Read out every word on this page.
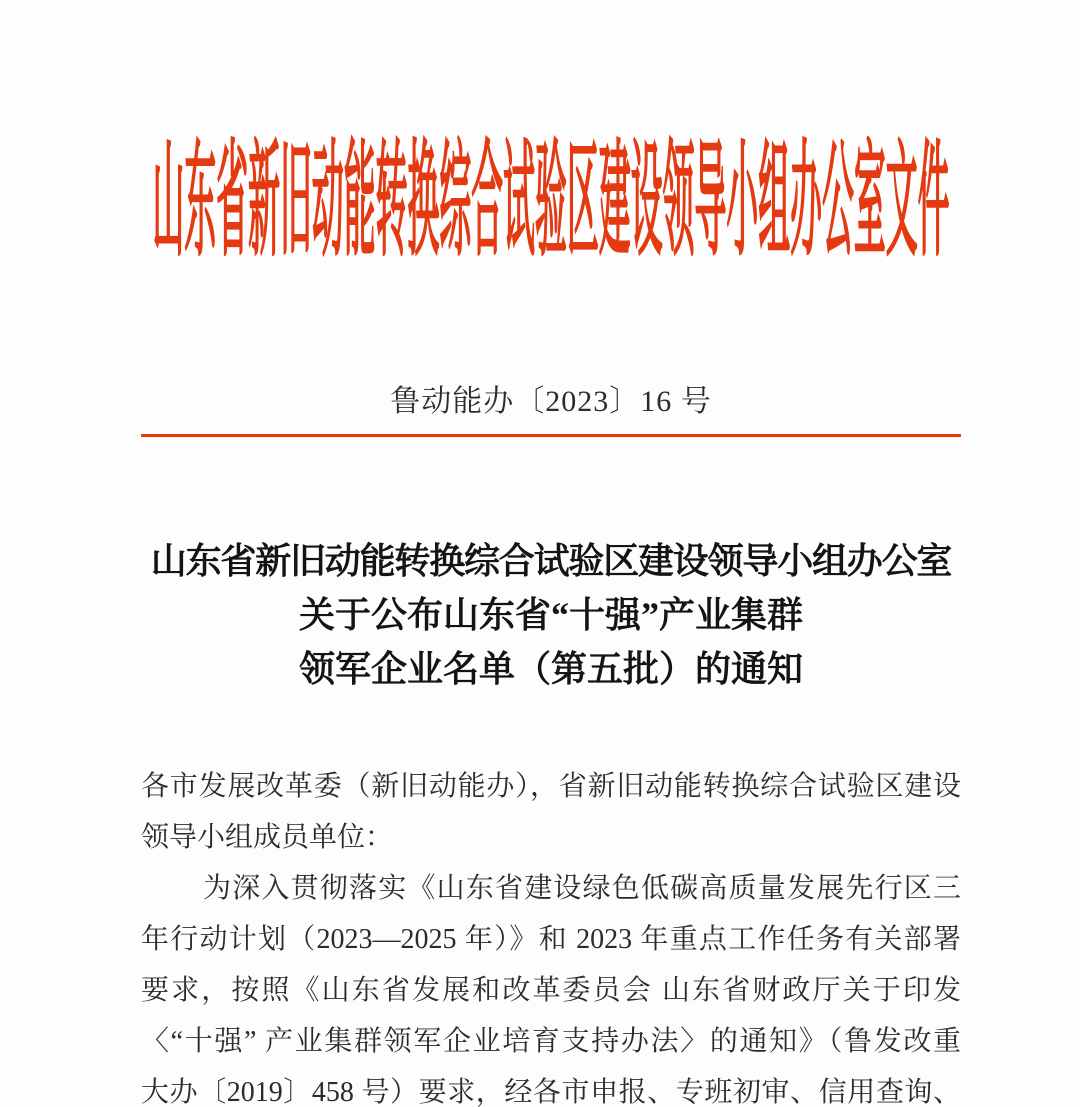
山东省新旧动能转换综合试验区建设领导小组办公室文件
鲁动能办〔2023〕16 号
山东省新旧动能转换综合试验区建设领导小组办公室
关于公布山东省“十强”产业集群
领军企业名单（第五批）的通知
各市发展改革委（新旧动能办），省新旧动能转换综合试验区建设
领导小组成员单位：
为深入贯彻落实《山东省建设绿色低碳高质量发展先行区三
年行动计划（2023—2025 年）》和 2023 年重点工作任务有关部署
要求，按照《山东省发展和改革委员会 山东省财政厅关于印发
〈“十强” 产业集群领军企业培育支持办法〉的通知》（鲁发改重
大办〔2019〕458 号）要求，经各市申报、专班初审、信用查询、
